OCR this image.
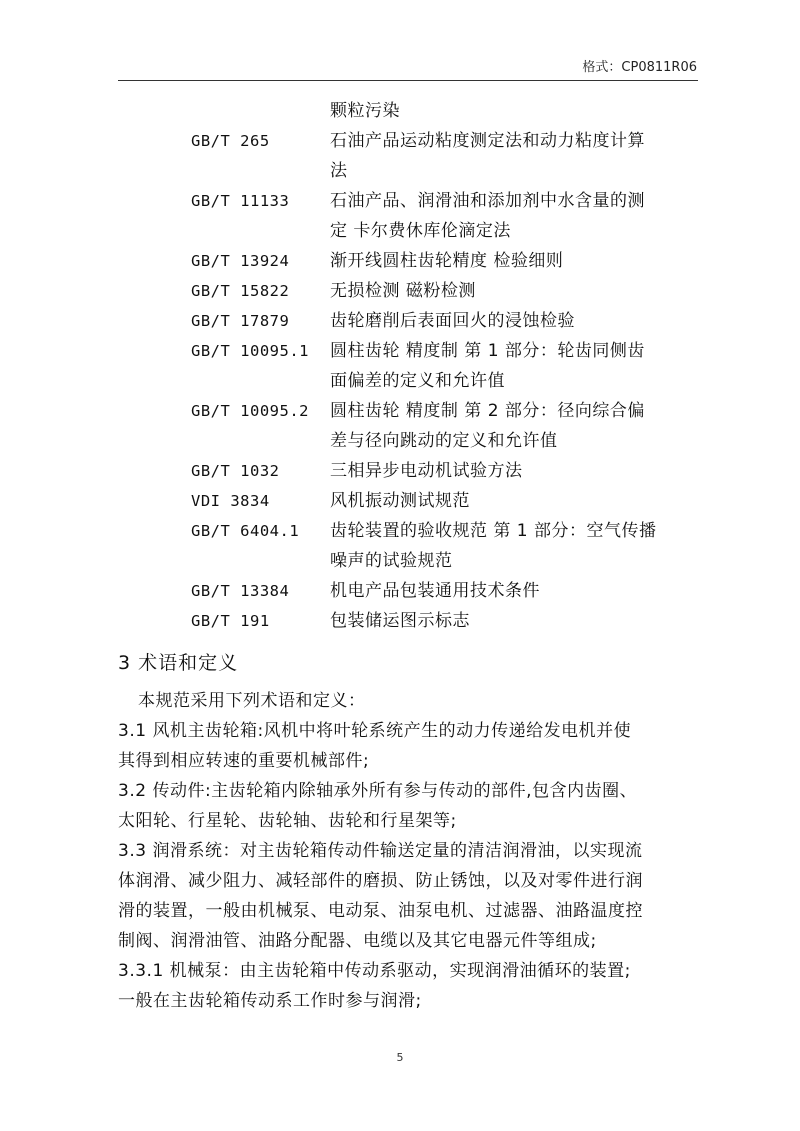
格式：CP0811R06
颗粒污染
GB/T 265	石油产品运动粘度测定法和动力粘度计算
法
GB/T 11133	石油产品、润滑油和添加剂中水含量的测
定 卡尔费休库伦滴定法
GB/T 13924	渐开线圆柱齿轮精度 检验细则
GB/T 15822	无损检测 磁粉检测
GB/T 17879	齿轮磨削后表面回火的浸蚀检验
GB/T 10095.1	圆柱齿轮 精度制 第 1 部分：轮齿同侧齿
面偏差的定义和允许值
GB/T 10095.2	圆柱齿轮 精度制 第 2 部分：径向综合偏
差与径向跳动的定义和允许值
GB/T 1032	三相异步电动机试验方法
VDI 3834	风机振动测试规范
GB/T 6404.1	齿轮装置的验收规范 第 1 部分：空气传播
噪声的试验规范
GB/T 13384	机电产品包装通用技术条件
GB/T 191	包装储运图示标志
3 术语和定义

本规范采用下列术语和定义：

3.1 风机主齿轮箱:风机中将叶轮系统产生的动力传递给发电机并使

其得到相应转速的重要机械部件;

3.2 传动件:主齿轮箱内除轴承外所有参与传动的部件,包含内齿圈、

太阳轮、行星轮、齿轮轴、齿轮和行星架等;

3.3 润滑系统：对主齿轮箱传动件输送定量的清洁润滑油，以实现流

体润滑、减少阻力、减轻部件的磨损、防止锈蚀，以及对零件进行润

滑的装置，一般由机械泵、电动泵、油泵电机、过滤器、油路温度控

制阀、润滑油管、油路分配器、电缆以及其它电器元件等组成;

3.3.1 机械泵：由主齿轮箱中传动系驱动，实现润滑油循环的装置;

一般在主齿轮箱传动系工作时参与润滑;

5
